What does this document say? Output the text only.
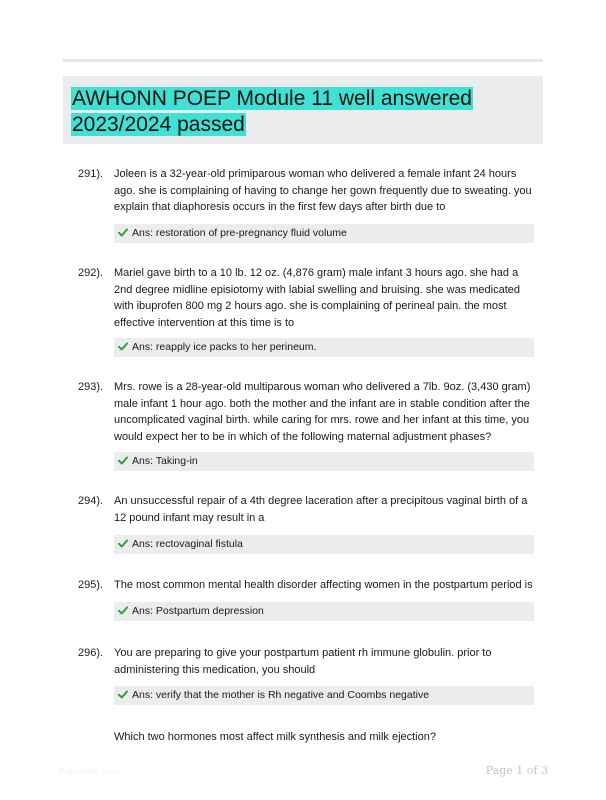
AWHONN POEP Module 11 well answered 2023/2024 passed
291). Joleen is a 32-year-old primiparous woman who delivered a female infant 24 hours ago. she is complaining of having to change her gown frequently due to sweating. you explain that diaphoresis occurs in the first few days after birth due to
Ans: restoration of pre-pregnancy fluid volume
292). Mariel gave birth to a 10 lb. 12 oz. (4,876 gram) male infant 3 hours ago. she had a 2nd degree midline episiotomy with labial swelling and bruising. she was medicated with ibuprofen 800 mg 2 hours ago. she is complaining of perineal pain. the most effective intervention at this time is to
Ans: reapply ice packs to her perineum.
293). Mrs. rowe is a 28-year-old multiparous woman who delivered a 7lb. 9oz. (3,430 gram) male infant 1 hour ago. both the mother and the infant are in stable condition after the uncomplicated vaginal birth. while caring for mrs. rowe and her infant at this time, you would expect her to be in which of the following maternal adjustment phases?
Ans: Taking-in
294). An unsuccessful repair of a 4th degree laceration after a precipitous vaginal birth of a 12 pound infant may result in a
Ans: rectovaginal fistula
295). The most common mental health disorder affecting women in the postpartum period is
Ans: Postpartum depression
296). You are preparing to give your postpartum patient rh immune globulin. prior to administering this medication, you should
Ans: verify that the mother is Rh negative and Coombs negative
Which two hormones most affect milk synthesis and milk ejection?
Papertibic.com	Page 1 of 3
